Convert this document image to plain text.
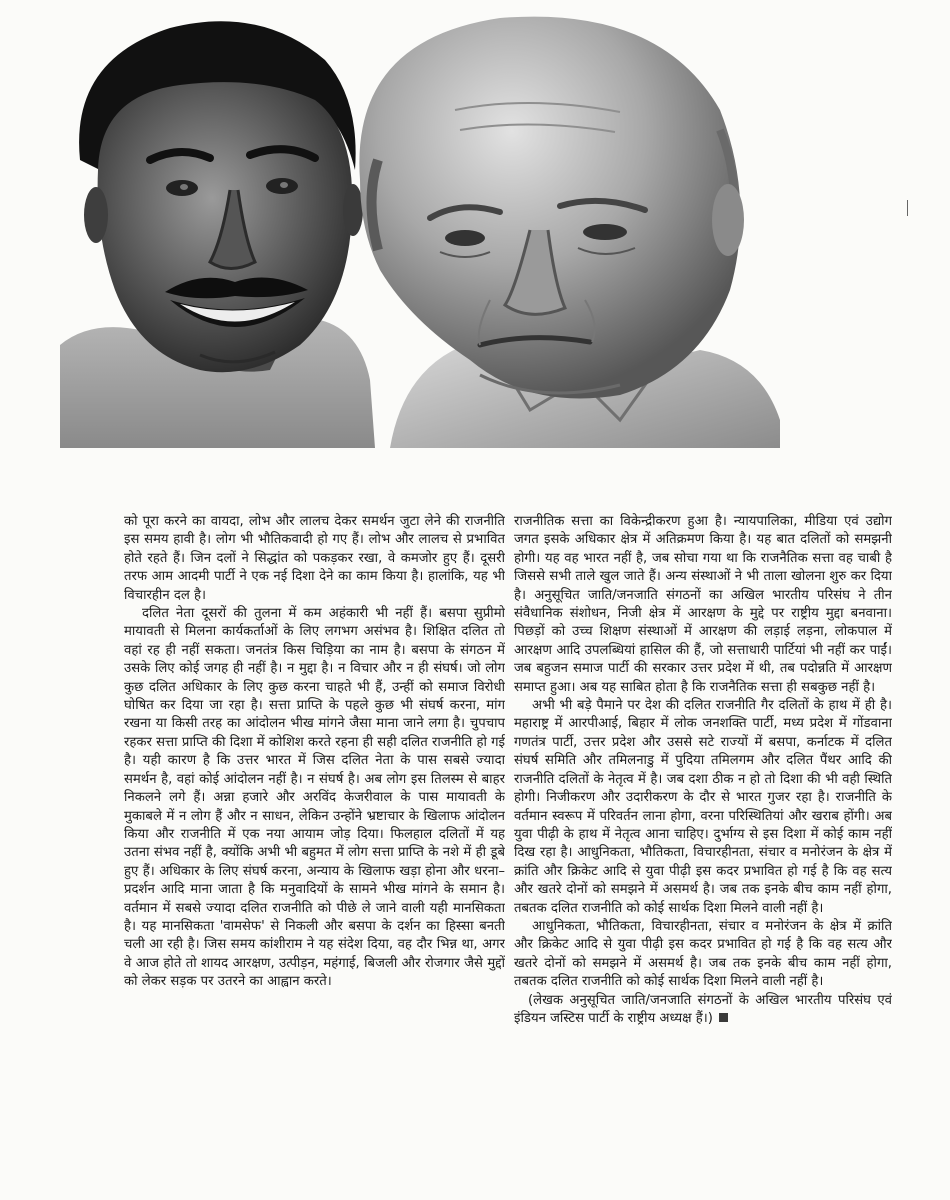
को पूरा करने का वायदा, लोभ और लालच देकर समर्थन जुटा लेने की राजनीति इस समय हावी है। लोग भी भौतिकवादी हो गए हैं। लोभ और लालच से प्रभावित होते रहते हैं। जिन दलों ने सिद्धांत को पकड़कर रखा, वे कमजोर हुए हैं। दूसरी तरफ आम आदमी पार्टी ने एक नई दिशा देने का काम किया है। हालांकि, यह भी विचारहीन दल है।

दलित नेता दूसरों की तुलना में कम अहंकारी भी नहीं हैं। बसपा सुप्रीमो मायावती से मिलना कार्यकर्ताओं के लिए लगभग असंभव है। शिक्षित दलित तो वहां रह ही नहीं सकता। जनतंत्र किस चिड़िया का नाम है। बसपा के संगठन में उसके लिए कोई जगह ही नहीं है। न मुद्दा है। न विचार और न ही संघर्ष। जो लोग कुछ दलित अधिकार के लिए कुछ करना चाहते भी हैं, उन्हीं को समाज विरोधी घोषित कर दिया जा रहा है। सत्ता प्राप्ति के पहले कुछ भी संघर्ष करना, मांग रखना या किसी तरह का आंदोलन भीख मांगने जैसा माना जाने लगा है। चुपचाप रहकर सत्ता प्राप्ति की दिशा में कोशिश करते रहना ही सही दलित राजनीति हो गई है। यही कारण है कि उत्तर भारत में जिस दलित नेता के पास सबसे ज्यादा समर्थन है, वहां कोई आंदोलन नहीं है। न संघर्ष है। अब लोग इस तिलस्म से बाहर निकलने लगे हैं। अन्ना हजारे और अरविंद केजरीवाल के पास मायावती के मुकाबले में न लोग हैं और न साधन, लेकिन उन्होंने भ्रष्टाचार के खिलाफ आंदोलन किया और राजनीति में एक नया आयाम जोड़ दिया। फिलहाल दलितों में यह उतना संभव नहीं है, क्योंकि अभी भी बहुमत में लोग सत्ता प्राप्ति के नशे में ही डूबे हुए हैं। अधिकार के लिए संघर्ष करना, अन्याय के खिलाफ खड़ा होना और धरना–प्रदर्शन आदि माना जाता है कि मनुवादियों के सामने भीख मांगने के समान है। वर्तमान में सबसे ज्यादा दलित राजनीति को पीछे ले जाने वाली यही मानसिकता है। यह मानसिकता 'वामसेफ' से निकली और बसपा के दर्शन का हिस्सा बनती चली आ रही है। जिस समय कांशीराम ने यह संदेश दिया, वह दौर भिन्न था, अगर वे आज होते तो शायद आरक्षण, उत्पीड़न, महंगाई, बिजली और रोजगार जैसे मुद्दों को लेकर सड़क पर उतरने का आह्वान करते।

राजनीतिक सत्ता का विकेन्द्रीकरण हुआ है। न्यायपालिका, मीडिया एवं उद्योग जगत इसके अधिकार क्षेत्र में अतिक्रमण किया है। यह बात दलितों को समझनी होगी। यह वह भारत नहीं है, जब सोचा गया था कि राजनैतिक सत्ता वह चाबी है जिससे सभी ताले खुल जाते हैं। अन्य संस्थाओं ने भी ताला खोलना शुरु कर दिया है। अनुसूचित जाति/जनजाति संगठनों का अखिल भारतीय परिसंघ ने तीन संवैधानिक संशोधन, निजी क्षेत्र में आरक्षण के मुद्दे पर राष्ट्रीय मुद्दा बनवाना। पिछड़ों को उच्च शिक्षण संस्थाओं में आरक्षण की लड़ाई लड़ना, लोकपाल में आरक्षण आदि उपलब्धियां हासिल की हैं, जो सत्ताधारी पार्टियां भी नहीं कर पाईं। जब बहुजन समाज पार्टी की सरकार उत्तर प्रदेश में थी, तब पदोन्नति में आरक्षण समाप्त हुआ। अब यह साबित होता है कि राजनैतिक सत्ता ही सबकुछ नहीं है।

अभी भी बड़े पैमाने पर देश की दलित राजनीति गैर दलितों के हाथ में ही है। महाराष्ट्र में आरपीआई, बिहार में लोक जनशक्ति पार्टी, मध्य प्रदेश में गोंडवाना गणतंत्र पार्टी, उत्तर प्रदेश और उससे सटे राज्यों में बसपा, कर्नाटक में दलित संघर्ष समिति और तमिलनाडु में पुदिया तमिलगम और दलित पैंथर आदि की राजनीति दलितों के नेतृत्व में है। जब दशा ठीक न हो तो दिशा की भी वही स्थिति होगी। निजीकरण और उदारीकरण के दौर से भारत गुजर रहा है। राजनीति के वर्तमान स्वरूप में परिवर्तन लाना होगा, वरना परिस्थितियां और खराब होंगी। अब युवा पीढ़ी के हाथ में नेतृत्व आना चाहिए। दुर्भाग्य से इस दिशा में कोई काम नहीं दिख रहा है। आधुनिकता, भौतिकता, विचारहीनता, संचार व मनोरंजन के क्षेत्र में क्रांति और क्रिकेट आदि से युवा पीढ़ी इस कदर प्रभावित हो गई है कि वह सत्य और खतरे दोनों को समझने में असमर्थ है। जब तक इनके बीच काम नहीं होगा, तबतक दलित राजनीति को कोई सार्थक दिशा मिलने वाली नहीं है।

आधुनिकता, भौतिकता, विचारहीनता, संचार व मनोरंजन के क्षेत्र में क्रांति और क्रिकेट आदि से युवा पीढ़ी इस कदर प्रभावित हो गई है कि वह सत्य और खतरे दोनों को समझने में असमर्थ है। जब तक इनके बीच काम नहीं होगा, तबतक दलित राजनीति को कोई सार्थक दिशा मिलने वाली नहीं है।

(लेखक अनुसूचित जाति/जनजाति संगठनों के अखिल भारतीय परिसंघ एवं इंडियन जस्टिस पार्टी के राष्ट्रीय अध्यक्ष हैं।)
